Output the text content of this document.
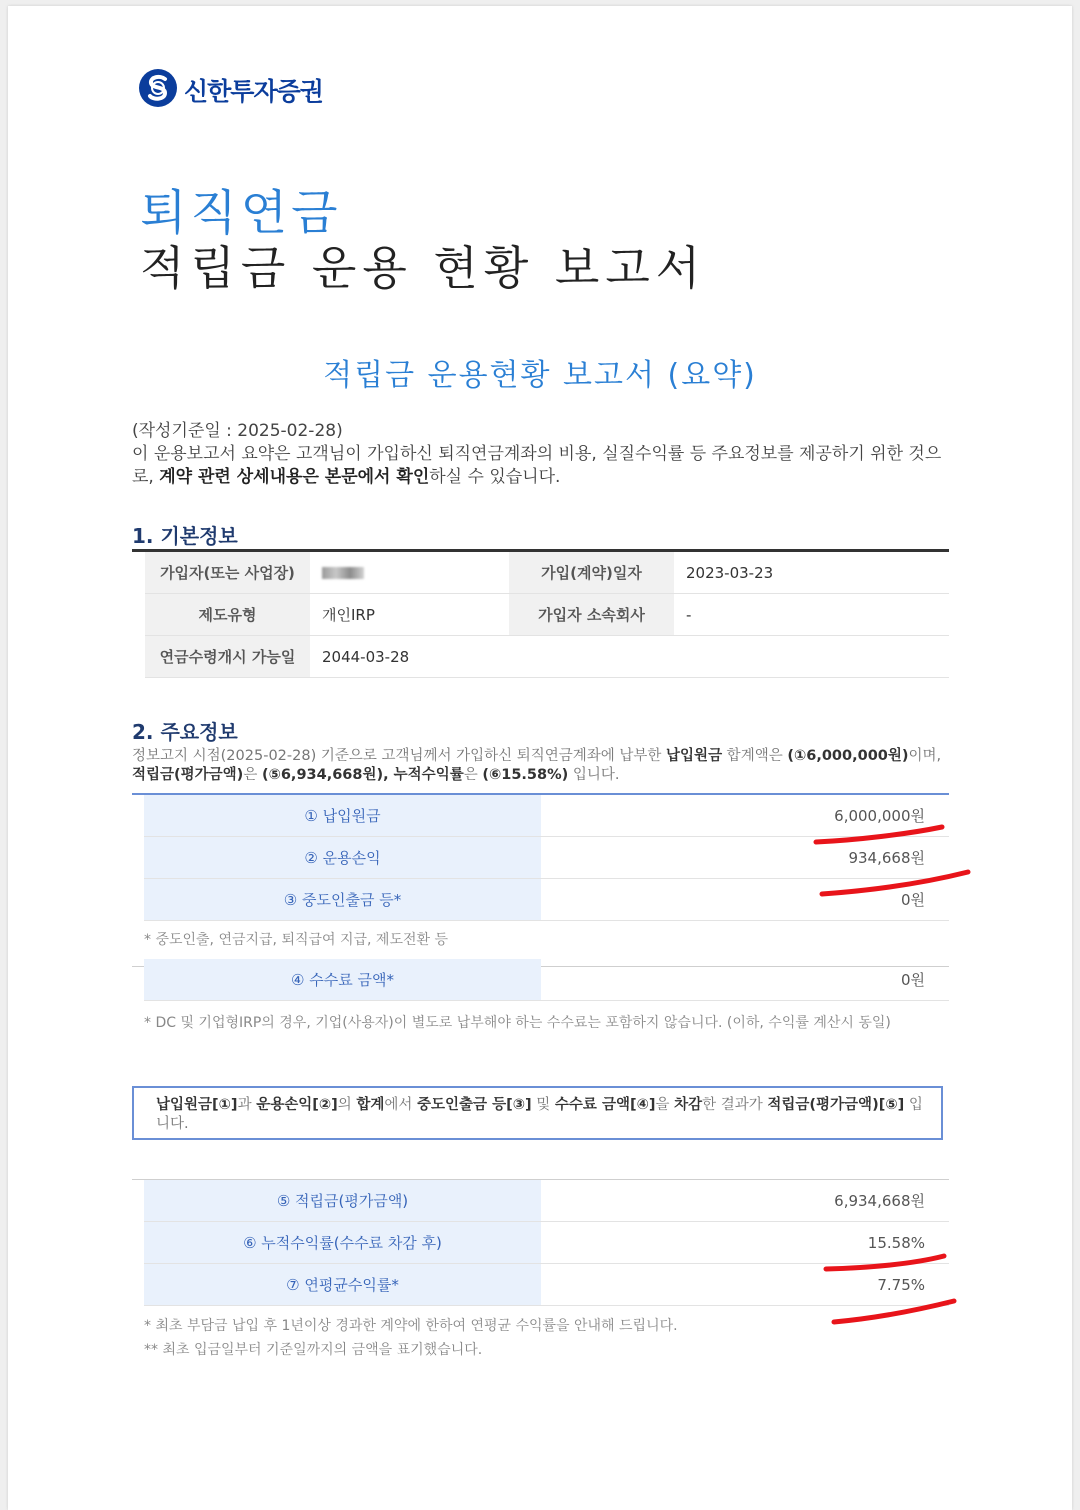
신한투자증권
퇴직연금
적립금 운용 현황 보고서
적립금 운용현황 보고서 (요약)
(작성기준일 : 2025-02-28)
이 운용보고서 요약은 고객님이 가입하신 퇴직연금계좌의 비용, 실질수익률 등 주요정보를 제공하기 위한 것으로, 계약 관련 상세내용은 본문에서 확인하실 수 있습니다.
1. 기본정보
가입자(또는 사업장)		가입(계약)일자	2023-03-23
제도유형	개인IRP	가입자 소속회사	-
연금수령개시 가능일	2044-03-28		
2. 주요정보
정보고지 시점(2025-02-28) 기준으로 고객님께서 가입하신 퇴직연금계좌에 납부한 납입원금 합계액은 (①6,000,000원)이며, 적립금(평가금액)은 (⑤6,934,668원), 누적수익률은 (⑥15.58%) 입니다.
① 납입원금	6,000,000원
② 운용손익	934,668원
③ 중도인출금 등*	0원
* 중도인출, 연금지급, 퇴직급여 지급, 제도전환 등
④ 수수료 금액*	0원
* DC 및 기업형IRP의 경우, 기업(사용자)이 별도로 납부해야 하는 수수료는 포함하지 않습니다. (이하, 수익률 계산시 동일)
납입원금[①]과 운용손익[②]의 합계에서 중도인출금 등[③] 및 수수료 금액[④]을 차감한 결과가 적립금(평가금액)[⑤] 입니다.
⑤ 적립금(평가금액)	6,934,668원
⑥ 누적수익률(수수료 차감 후)	15.58%
⑦ 연평균수익률*	7.75%
* 최초 부담금 납입 후 1년이상 경과한 계약에 한하여 연평균 수익률을 안내해 드립니다.
** 최초 입금일부터 기준일까지의 금액을 표기했습니다.
